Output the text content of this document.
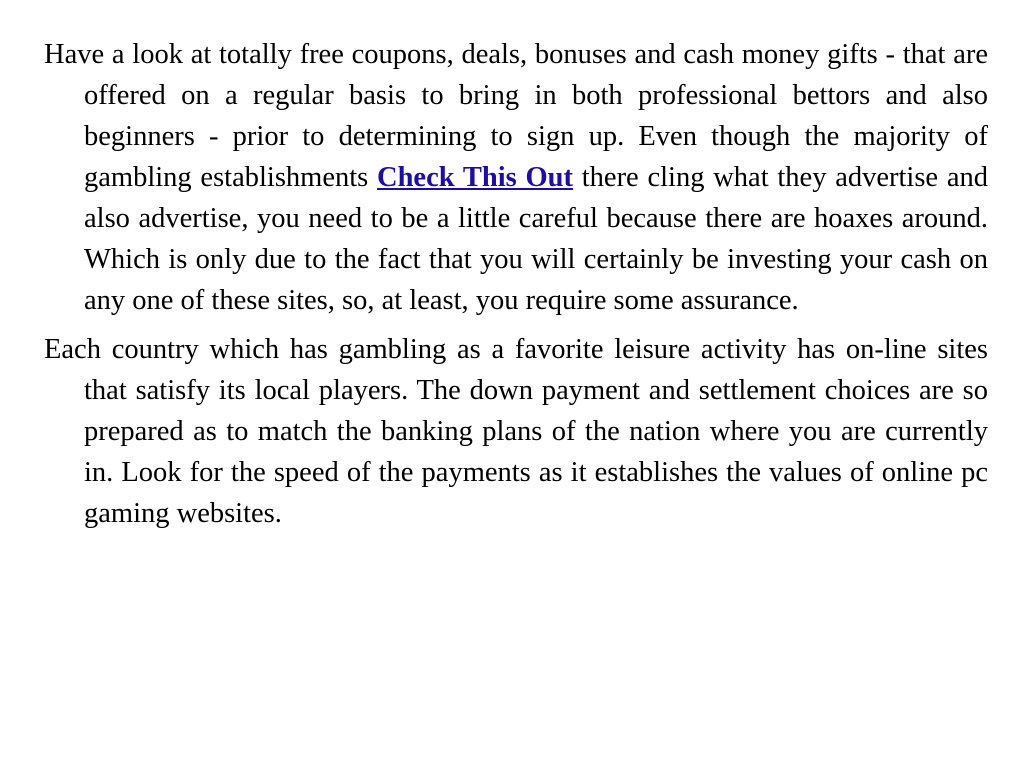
Have a look at totally free coupons, deals, bonuses and cash money gifts - that are offered on a regular basis to bring in both professional bettors and also beginners - prior to determining to sign up. Even though the majority of gambling establishments Check This Out there cling what they advertise and also advertise, you need to be a little careful because there are hoaxes around. Which is only due to the fact that you will certainly be investing your cash on any one of these sites, so, at least, you require some assurance.

Each country which has gambling as a favorite leisure activity has on-line sites that satisfy its local players. The down payment and settlement choices are so prepared as to match the banking plans of the nation where you are currently in. Look for the speed of the payments as it establishes the values of online pc gaming websites.
